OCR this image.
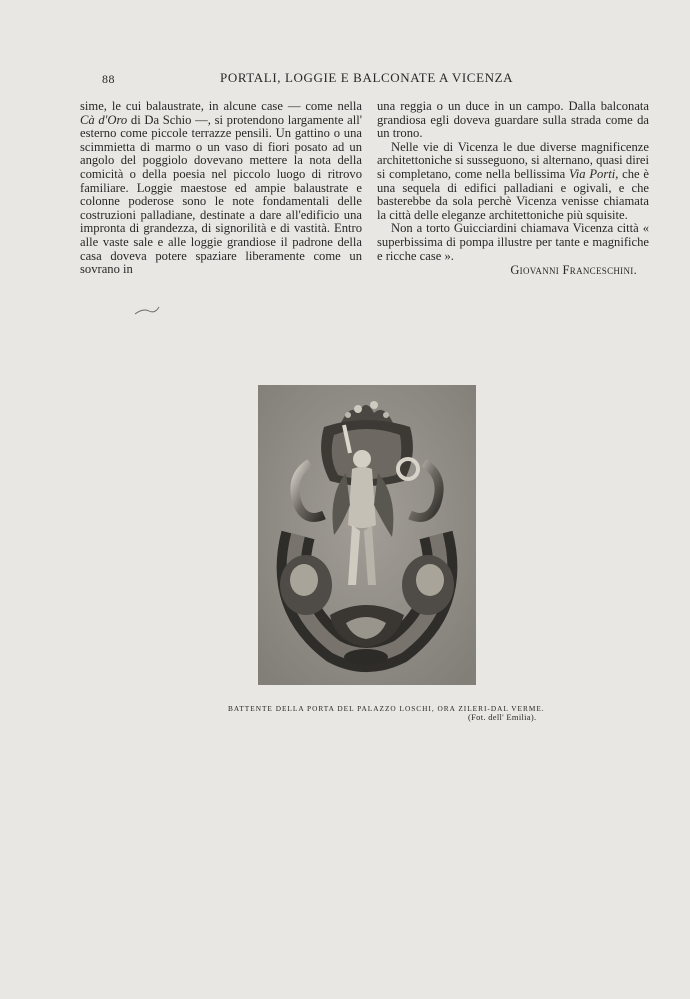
88	PORTALI, LOGGIE E BALCONATE A VICENZA

sime, le cui balaustrate, in alcune case — come nella Cà d'Oro di Da Schio —, si protendono largamente all' esterno come piccole terrazze pensili. Un gattino o una scimmietta di marmo o un vaso di fiori posato ad un angolo del poggiolo dovevano mettere la nota della comicità o della poesia nel piccolo luogo di ritrovo familiare. Loggie maestose ed ampie balaustrate e colonne poderose sono le note fondamentali delle costruzioni palladiane, destinate a dare all'edificio una impronta di grandezza, di signorilità e di vastità. Entro alle vaste sale e alle loggie grandiose il padrone della casa doveva potere spaziare liberamente come un sovrano in

una reggia o un duce in un campo. Dalla balconata grandiosa egli doveva guardare sulla strada come da un trono.

Nelle vie di Vicenza le due diverse magnificenze architettoniche si susseguono, si alternano, quasi direi si completano, come nella bellissima Via Porti, che è una sequela di edifici palladiani e ogivali, e che basterebbe da sola perchè Vicenza venisse chiamata la città delle eleganze architettoniche più squisite.

Non a torto Guicciardini chiamava Vicenza città « superbissima di pompa illustre per tante e magnifiche e ricche case ».

Giovanni Franceschini.
BATTENTE DELLA PORTA DEL PALAZZO LOSCHI, ORA ZILERI-DAL VERME.
(Fot. dell' Emilia).
